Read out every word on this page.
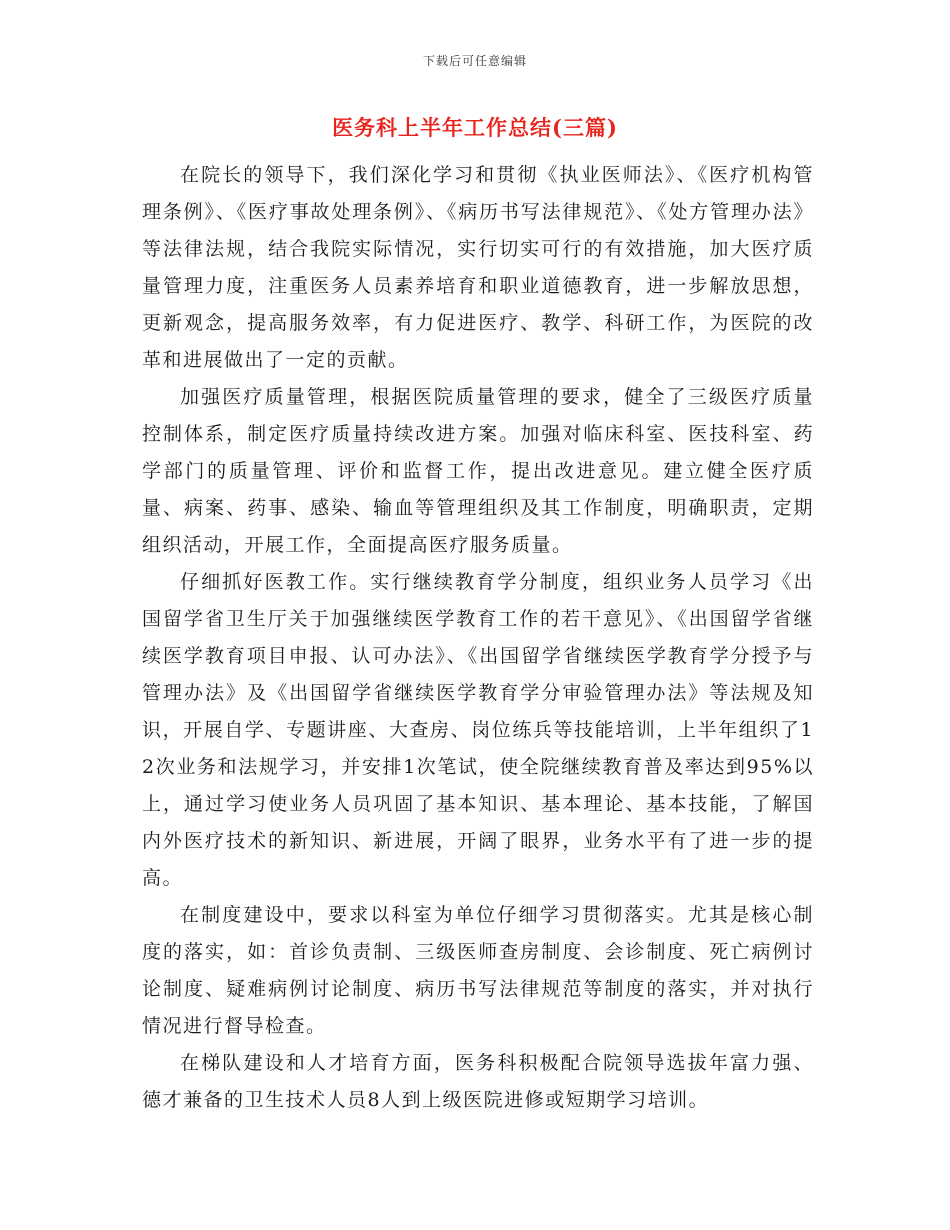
下载后可任意编辑
医务科上半年工作总结(三篇)

在院长的领导下，我们深化学习和贯彻《执业医师法》、《医疗机构管理条例》、《医疗事故处理条例》、《病历书写法律规范》、《处方管理办法》等法律法规，结合我院实际情况，实行切实可行的有效措施，加大医疗质量管理力度，注重医务人员素养培育和职业道德教育，进一步解放思想，更新观念，提高服务效率，有力促进医疗、教学、科研工作，为医院的改革和进展做出了一定的贡献。

加强医疗质量管理，根据医院质量管理的要求，健全了三级医疗质量控制体系，制定医疗质量持续改进方案。加强对临床科室、医技科室、药学部门的质量管理、评价和监督工作，提出改进意见。建立健全医疗质量、病案、药事、感染、输血等管理组织及其工作制度，明确职责，定期组织活动，开展工作，全面提高医疗服务质量。

仔细抓好医教工作。实行继续教育学分制度，组织业务人员学习《出国留学省卫生厅关于加强继续医学教育工作的若干意见》、《出国留学省继续医学教育项目申报、认可办法》、《出国留学省继续医学教育学分授予与管理办法》及《出国留学省继续医学教育学分审验管理办法》等法规及知识，开展自学、专题讲座、大查房、岗位练兵等技能培训，上半年组织了12次业务和法规学习，并安排1次笔试，使全院继续教育普及率达到95%以上，通过学习使业务人员巩固了基本知识、基本理论、基本技能，了解国内外医疗技术的新知识、新进展，开阔了眼界，业务水平有了进一步的提高。

在制度建设中，要求以科室为单位仔细学习贯彻落实。尤其是核心制度的落实，如：首诊负责制、三级医师查房制度、会诊制度、死亡病例讨论制度、疑难病例讨论制度、病历书写法律规范等制度的落实，并对执行情况进行督导检查。

在梯队建设和人才培育方面，医务科积极配合院领导选拔年富力强、德才兼备的卫生技术人员8人到上级医院进修或短期学习培训。
